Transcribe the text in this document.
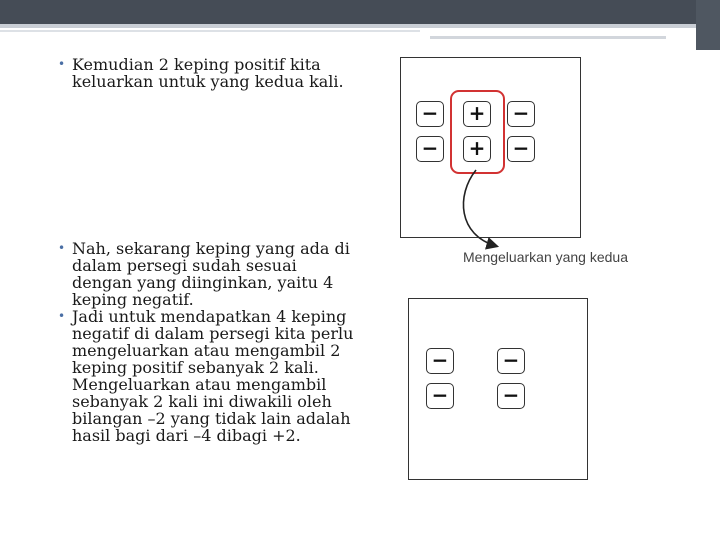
• Kemudian 2 keping positif kita keluarkan untuk yang kedua kali.
• Nah, sekarang keping yang ada di dalam persegi sudah sesuai dengan yang diinginkan, yaitu 4 keping negatif.
• Jadi untuk mendapatkan 4 keping negatif di dalam persegi kita perlu mengeluarkan atau mengambil 2 keping positif sebanyak 2 kali. Mengeluarkan atau mengambil sebanyak 2 kali ini diwakili oleh bilangan –2 yang tidak lain adalah hasil bagi dari –4 dibagi +2.
− + −
− + −
Mengeluarkan yang kedua
−	−
−	−
